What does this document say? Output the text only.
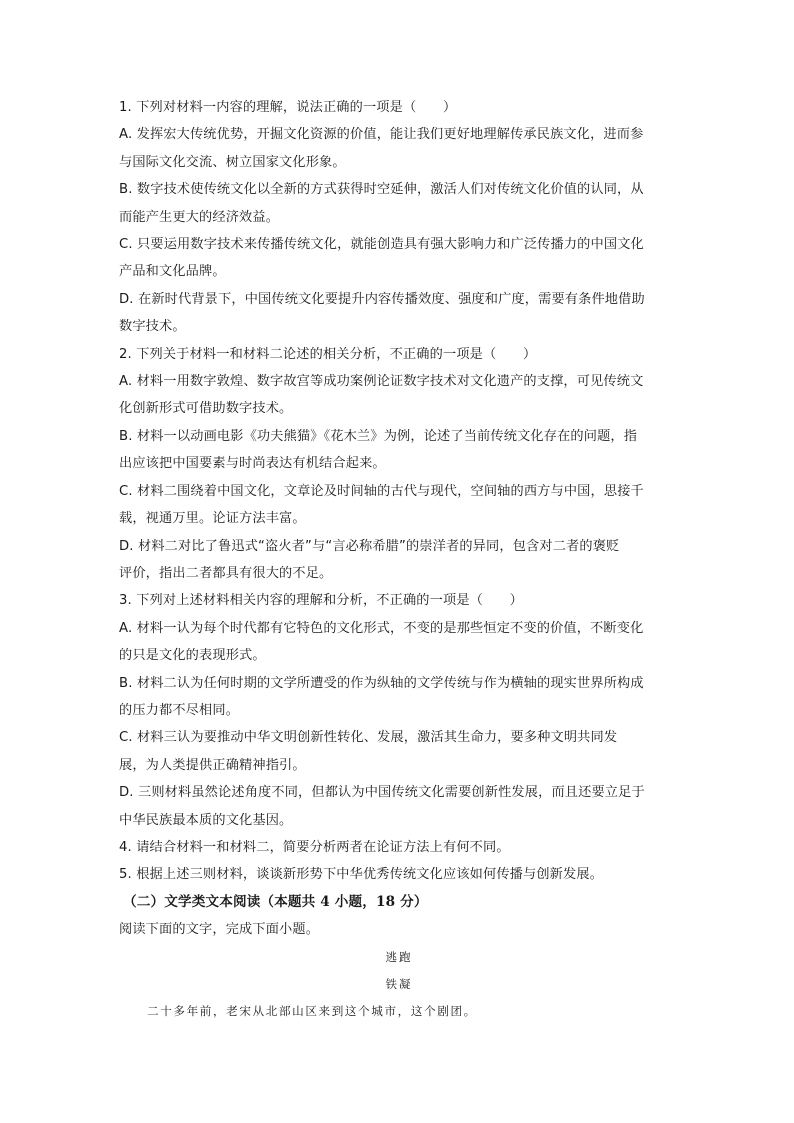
1. 下列对材料一内容的理解，说法正确的一项是（　　）
A. 发挥宏大传统优势，开掘文化资源的价值，能让我们更好地理解传承民族文化，进而参
与国际文化交流、树立国家文化形象。
B. 数字技术使传统文化以全新的方式获得时空延伸，激活人们对传统文化价值的认同，从
而能产生更大的经济效益。
C. 只要运用数字技术来传播传统文化，就能创造具有强大影响力和广泛传播力的中国文化
产品和文化品牌。
D. 在新时代背景下，中国传统文化要提升内容传播效度、强度和广度，需要有条件地借助
数字技术。
2. 下列关于材料一和材料二论述的相关分析，不正确的一项是（　　）
A. 材料一用数字敦煌、数字故宫等成功案例论证数字技术对文化遗产的支撑，可见传统文
化创新形式可借助数字技术。
B. 材料一以动画电影《功夫熊猫》《花木兰》为例，论述了当前传统文化存在的问题，指
出应该把中国要素与时尚表达有机结合起来。
C. 材料二围绕着中国文化，文章论及时间轴的古代与现代，空间轴的西方与中国，思接千
载，视通万里。论证方法丰富。
D. 材料二对比了鲁迅式“盗火者”与“言必称希腊”的崇洋者的异同，包含对二者的褒贬
评价，指出二者都具有很大的不足。
3. 下列对上述材料相关内容的理解和分析，不正确的一项是（　　）
A. 材料一认为每个时代都有它特色的文化形式，不变的是那些恒定不变的价值，不断变化
的只是文化的表现形式。
B. 材料二认为任何时期的文学所遭受的作为纵轴的文学传统与作为横轴的现实世界所构成
的压力都不尽相同。
C. 材料三认为要推动中华文明创新性转化、发展，激活其生命力，要多种文明共同发
展，为人类提供正确精神指引。
D. 三则材料虽然论述角度不同，但都认为中国传统文化需要创新性发展，而且还要立足于
中华民族最本质的文化基因。
4. 请结合材料一和材料二，简要分析两者在论证方法上有何不同。
5. 根据上述三则材料，谈谈新形势下中华优秀传统文化应该如何传播与创新发展。
（二）文学类文本阅读（本题共 4 小题，18 分）
阅读下面的文字，完成下面小题。
逃跑
铁凝
二十多年前，老宋从北部山区来到这个城市，这个剧团。
